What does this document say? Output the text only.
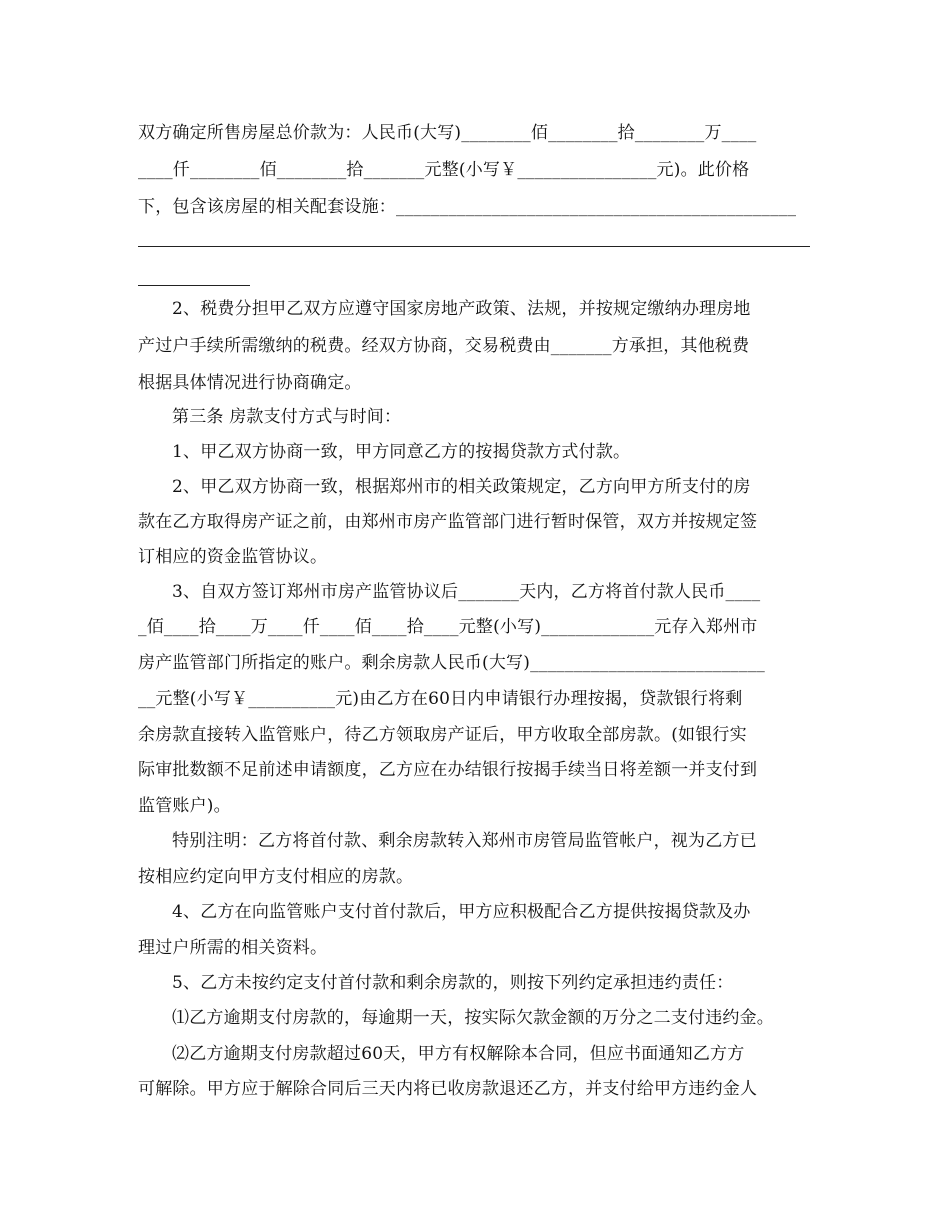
双方确定所售房屋总价款为：人民币(大写)________佰________拾________万____
____仟________佰________拾_______元整(小写￥________________元)。此价格
下，包含该房屋的相关配套设施：______________________________________________
2、税费分担甲乙双方应遵守国家房地产政策、法规，并按规定缴纳办理房地
产过户手续所需缴纳的税费。经双方协商，交易税费由_______方承担，其他税费
根据具体情况进行协商确定。
第三条 房款支付方式与时间：
1、甲乙双方协商一致，甲方同意乙方的按揭贷款方式付款。
2、甲乙双方协商一致，根据郑州市的相关政策规定，乙方向甲方所支付的房
款在乙方取得房产证之前，由郑州市房产监管部门进行暂时保管，双方并按规定签
订相应的资金监管协议。
3、自双方签订郑州市房产监管协议后_______天内，乙方将首付款人民币____
_佰____拾____万____仟____佰____拾____元整(小写)_____________元存入郑州市
房产监管部门所指定的账户。剩余房款人民币(大写)___________________________
__元整(小写￥__________元)由乙方在60日内申请银行办理按揭，贷款银行将剩
余房款直接转入监管账户，待乙方领取房产证后，甲方收取全部房款。(如银行实
际审批数额不足前述申请额度，乙方应在办结银行按揭手续当日将差额一并支付到
监管账户)。
特别注明：乙方将首付款、剩余房款转入郑州市房管局监管帐户，视为乙方已
按相应约定向甲方支付相应的房款。
4、乙方在向监管账户支付首付款后，甲方应积极配合乙方提供按揭贷款及办
理过户所需的相关资料。
5、乙方未按约定支付首付款和剩余房款的，则按下列约定承担违约责任：
⑴乙方逾期支付房款的，每逾期一天，按实际欠款金额的万分之二支付违约金。
⑵乙方逾期支付房款超过60天，甲方有权解除本合同，但应书面通知乙方方
可解除。甲方应于解除合同后三天内将已收房款退还乙方，并支付给甲方违约金人
